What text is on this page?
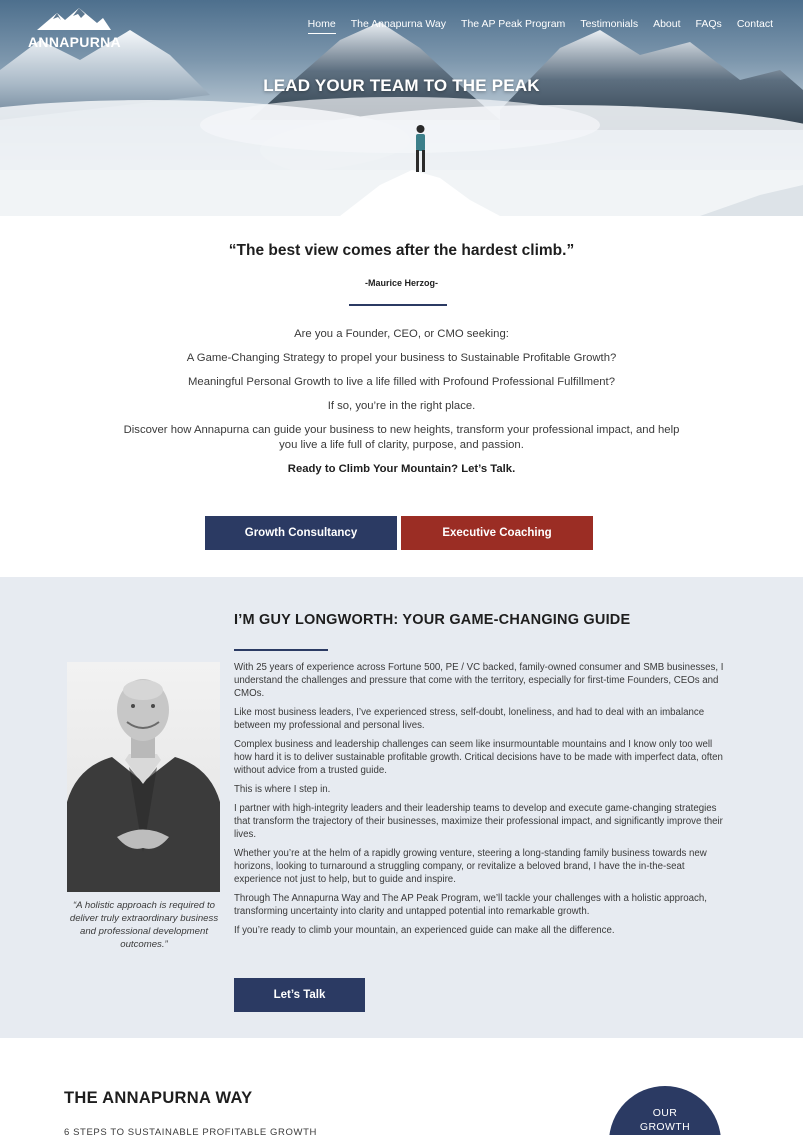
ANNAPURNA
Home The Annapurna Way The AP Peak Program Testimonials About FAQs Contact
LEAD YOUR TEAM TO THE PEAK
“The best view comes after the hardest climb.”
-Maurice Herzog-

Are you a Founder, CEO, or CMO seeking:

A Game-Changing Strategy to propel your business to Sustainable Profitable Growth?

Meaningful Personal Growth to live a life filled with Profound Professional Fulfillment?

If so, you’re in the right place.

Discover how Annapurna can guide your business to new heights, transform your professional impact, and help you live a life full of clarity, purpose, and passion.

Ready to Climb Your Mountain? Let’s Talk.

Growth Consultancy	Executive Coaching
I’M GUY LONGWORTH: YOUR GAME-CHANGING GUIDE
“A holistic approach is required to deliver truly extraordinary business and professional development outcomes.”

With 25 years of experience across Fortune 500, PE / VC backed, family-owned consumer and SMB businesses, I understand the challenges and pressure that come with the territory, especially for first-time Founders, CEOs and CMOs.

Like most business leaders, I’ve experienced stress, self-doubt, loneliness, and had to deal with an imbalance between my professional and personal lives.

Complex business and leadership challenges can seem like insurmountable mountains and I know only too well how hard it is to deliver sustainable profitable growth. Critical decisions have to be made with imperfect data, often without advice from a trusted guide.

This is where I step in.

I partner with high-integrity leaders and their leadership teams to develop and execute game-changing strategies that transform the trajectory of their businesses, maximize their professional impact, and significantly improve their lives.

Whether you’re at the helm of a rapidly growing venture, steering a long-standing family business towards new horizons, looking to turnaround a struggling company, or revitalize a beloved brand, I have the in-the-seat experience not just to help, but to guide and inspire.

Through The Annapurna Way and The AP Peak Program, we’ll tackle your challenges with a holistic approach, transforming uncertainty into clarity and untapped potential into remarkable growth.

If you’re ready to climb your mountain, an experienced guide can make all the difference.

Let’s Talk
THE ANNAPURNA WAY
6 STEPS TO SUSTAINABLE PROFITABLE GROWTH
OUR
GROWTH
